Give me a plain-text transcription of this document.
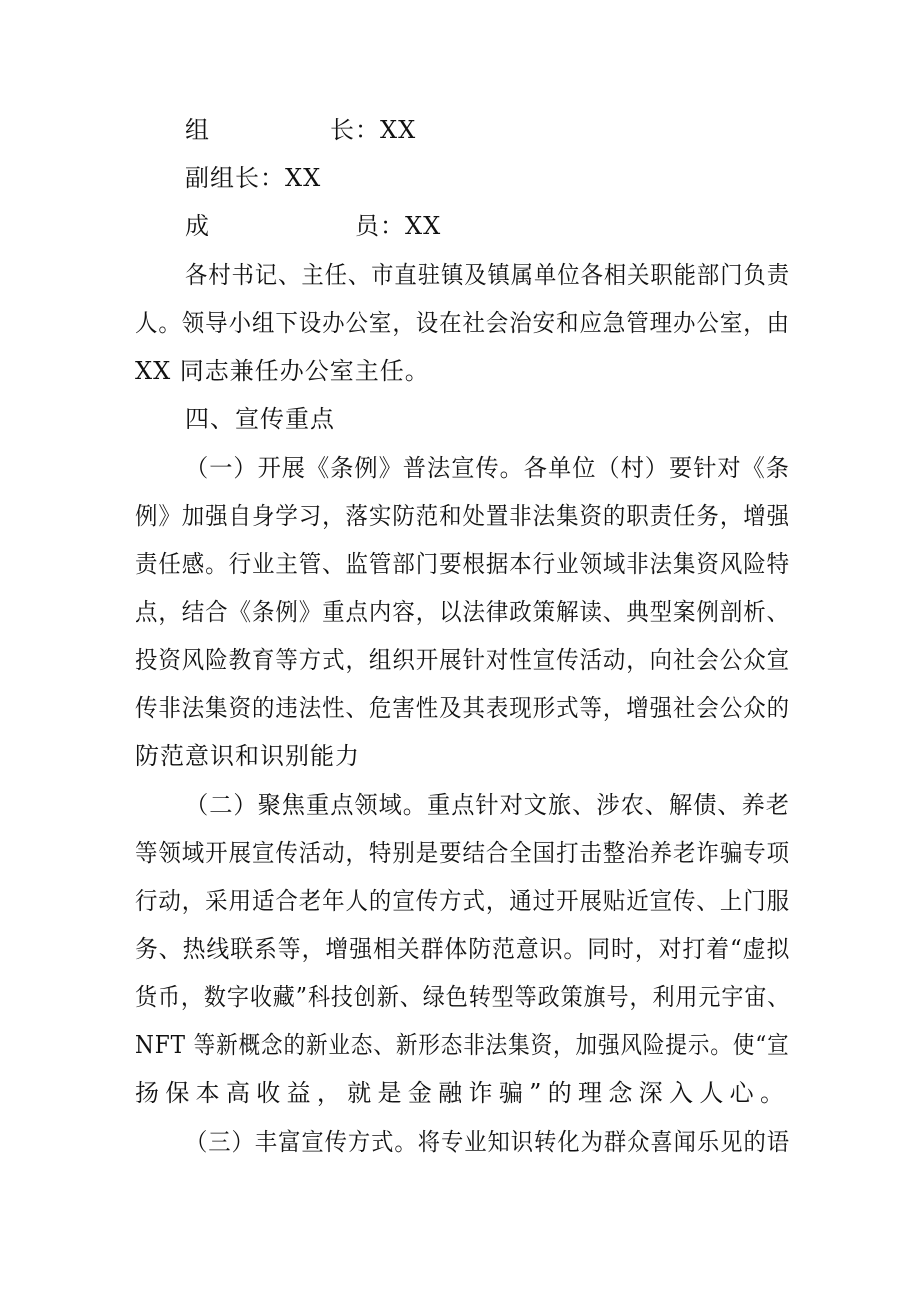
组	长：XX
副组长：XX
成	员：XX
各村书记、主任、市直驻镇及镇属单位各相关职能部门负责
人。领导小组下设办公室，设在社会治安和应急管理办公室，由
XX 同志兼任办公室主任。
四、宣传重点
（一）开展《条例》普法宣传。各单位（村）要针对《条
例》加强自身学习，落实防范和处置非法集资的职责任务，增强
责任感。行业主管、监管部门要根据本行业领域非法集资风险特
点，结合《条例》重点内容，以法律政策解读、典型案例剖析、
投资风险教育等方式，组织开展针对性宣传活动，向社会公众宣
传非法集资的违法性、危害性及其表现形式等，增强社会公众的
防范意识和识别能力
（二）聚焦重点领域。重点针对文旅、涉农、解债、养老
等领域开展宣传活动，特别是要结合全国打击整治养老诈骗专项
行动，采用适合老年人的宣传方式，通过开展贴近宣传、上门服
务、热线联系等，增强相关群体防范意识。同时，对打着“虚拟
货币，数字收藏”科技创新、绿色转型等政策旗号，利用元宇宙、
NFT 等新概念的新业态、新形态非法集资，加强风险提示。使“宣
扬保本高收益，就是金融诈骗”的理念深入人心。
（三）丰富宣传方式。将专业知识转化为群众喜闻乐见的语
